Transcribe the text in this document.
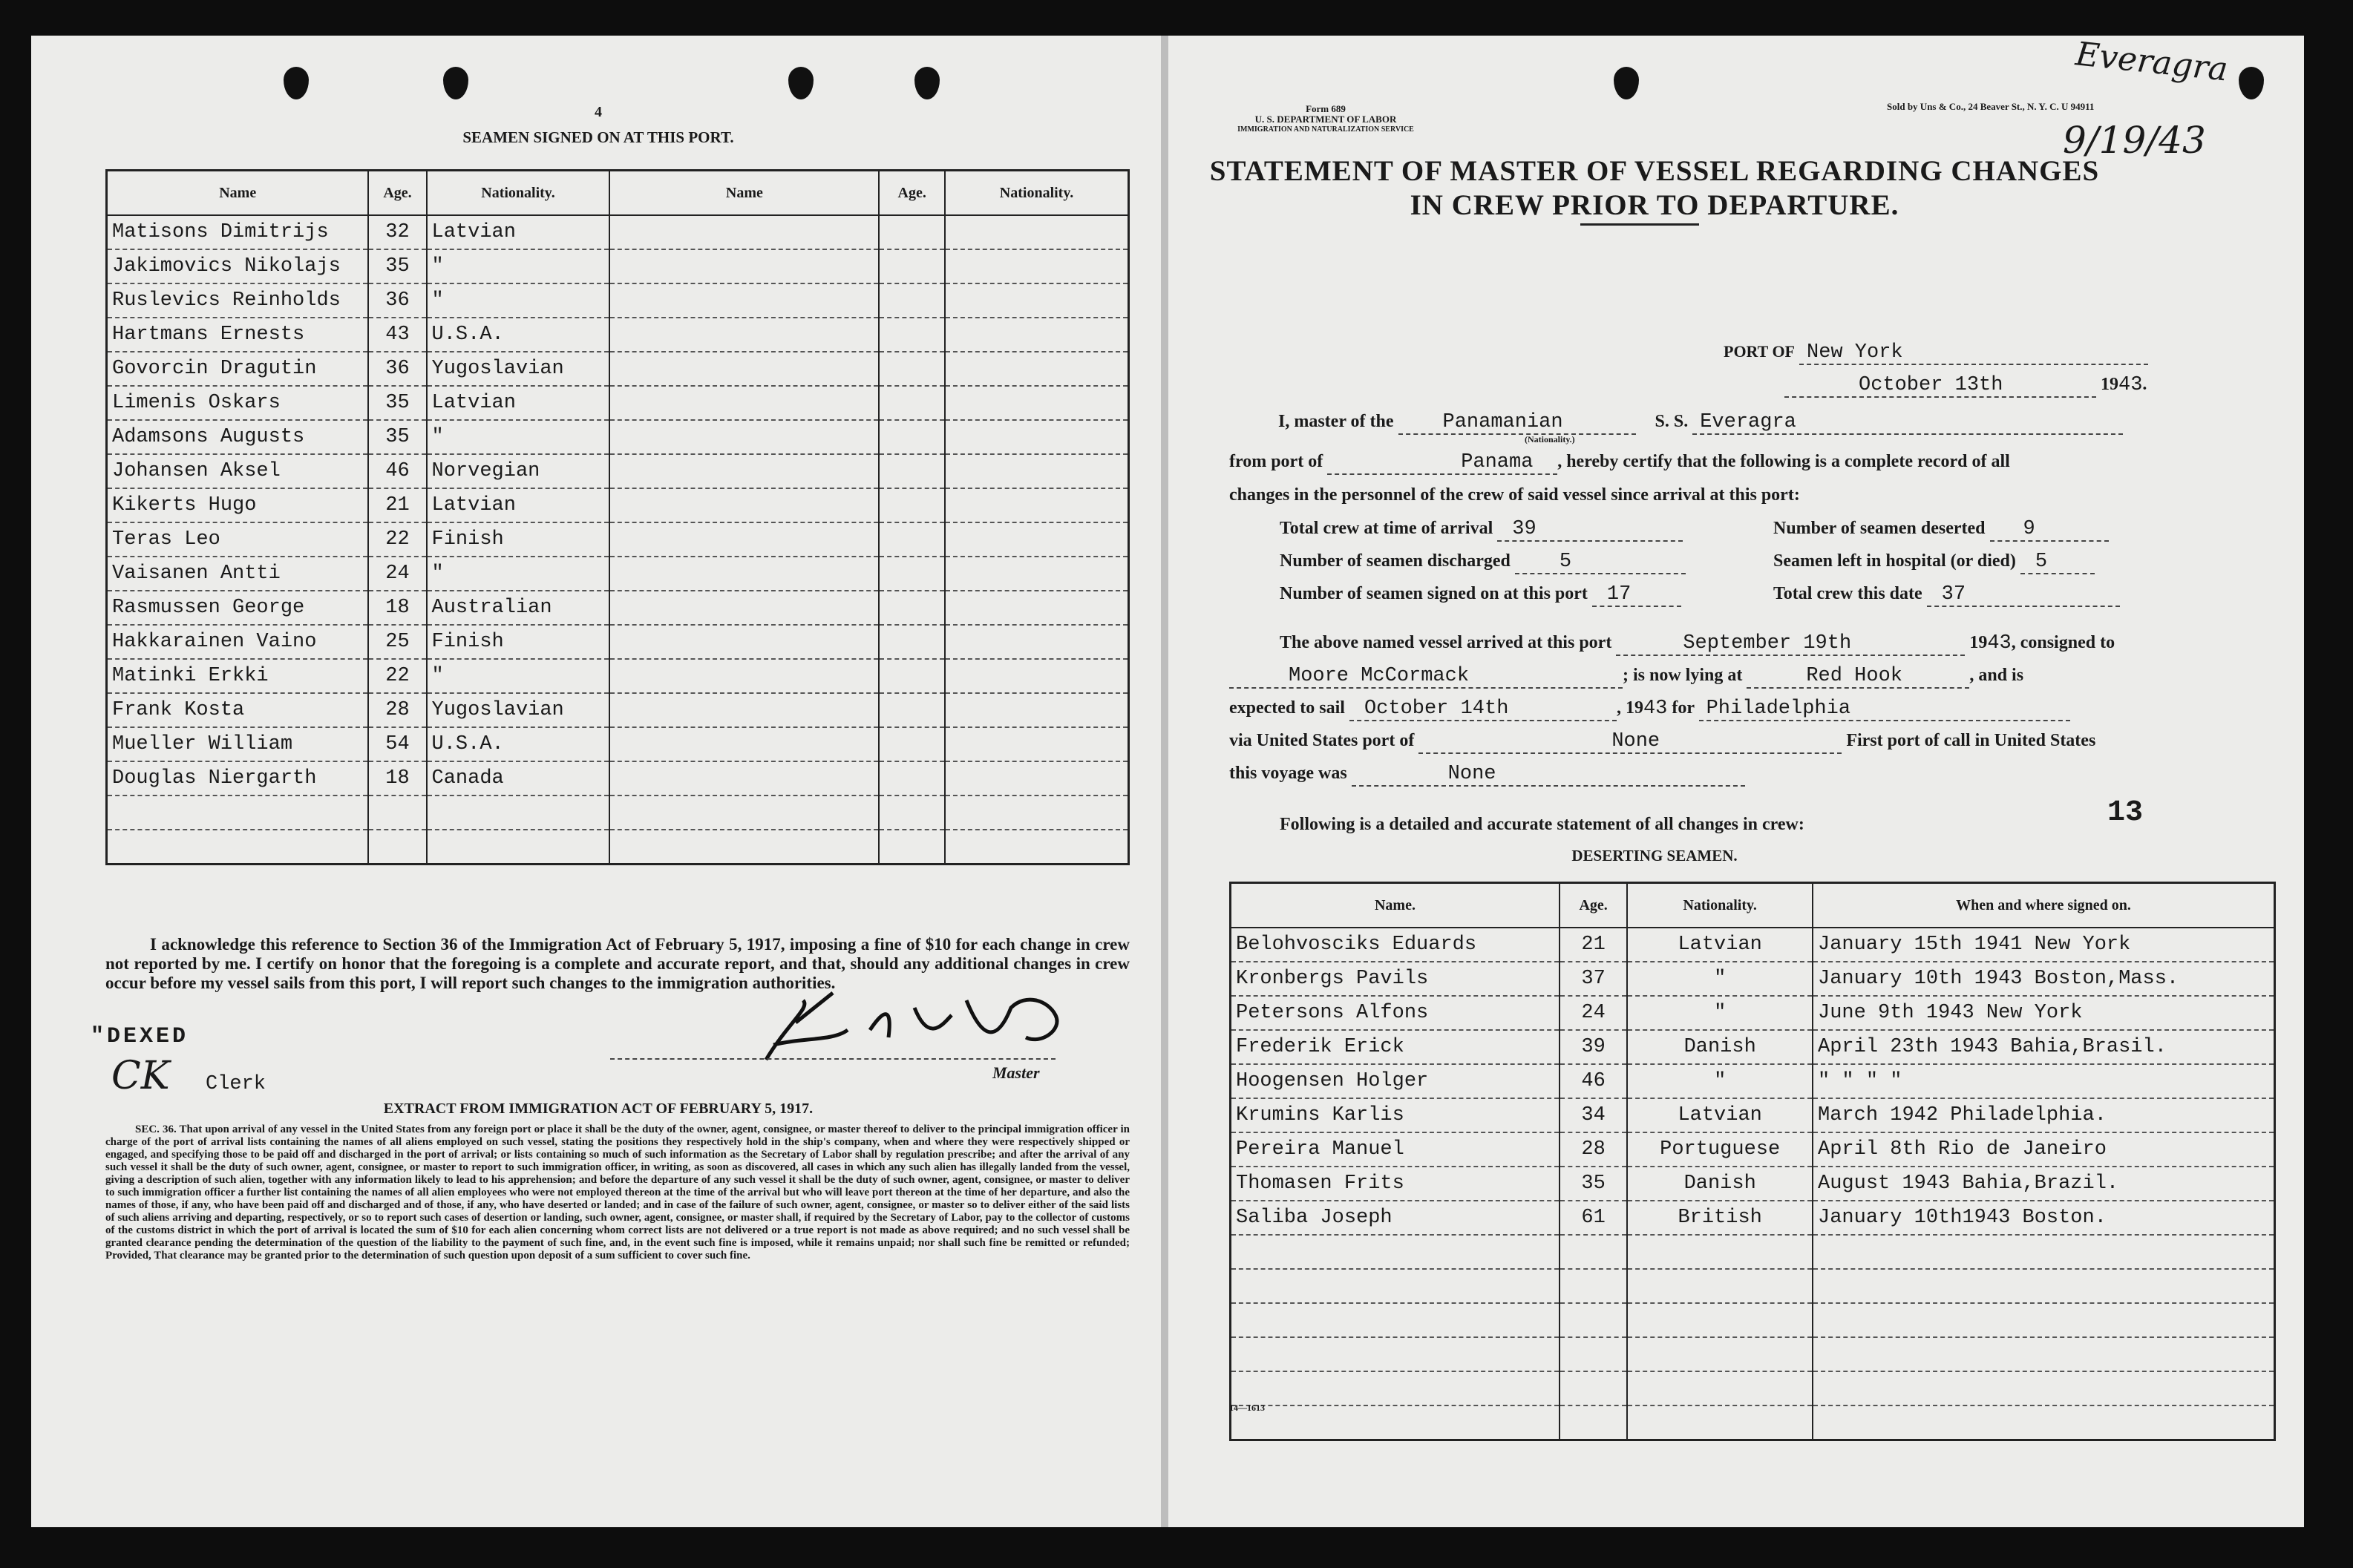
4
SEAMEN SIGNED ON AT THIS PORT.
Name	Age.	Nationality.	Name	Age.	Nationality.
Matisons Dimitrijs	32	Latvian			
Jakimovics Nikolajs	35	"			
Ruslevics Reinholds	36	"			
Hartmans Ernests	43	U.S.A.			
Govorcin Dragutin	36	Yugoslavian			
Limenis Oskars	35	Latvian			
Adamsons Augusts	35	"			
Johansen Aksel	46	Norvegian			
Kikerts Hugo	21	Latvian			
Teras Leo	22	Finish			
Vaisanen Antti	24	"			
Rasmussen George	18	Australian			
Hakkarainen Vaino	25	Finish			
Matinki Erkki	22	"			
Frank Kosta	28	Yugoslavian			
Mueller William	54	U.S.A.			
Douglas Niergarth	18	Canada			

I acknowledge this reference to Section 36 of the Immigration Act of February 5, 1917, imposing a fine of $10 for each change in crew not reported by me. I certify on honor that the foregoing is a complete and accurate report, and that, should any additional changes in crew occur before my vessel sails from this port, I will report such changes to the immigration authorities.
"DEXED
CK Clerk
Master
EXTRACT FROM IMMIGRATION ACT OF FEBRUARY 5, 1917.
SEC. 36. That upon arrival of any vessel in the United States from any foreign port or place it shall be the duty of the owner, agent, consignee, or master thereof to deliver to the principal immigration officer in charge of the port of arrival lists containing the names of all aliens employed on such vessel, stating the positions they respectively hold in the ship's company, when and where they were respectively shipped or engaged, and specifying those to be paid off and discharged in the port of arrival; or lists containing so much of such information as the Secretary of Labor shall by regulation prescribe; and after the arrival of any such vessel it shall be the duty of such owner, agent, consignee, or master to report to such immigration officer, in writing, as soon as discovered, all cases in which any such alien has illegally landed from the vessel, giving a description of such alien, together with any information likely to lead to his apprehension; and before the departure of any such vessel it shall be the duty of such owner, agent, consignee, or master to deliver to such immigration officer a further list containing the names of all alien employees who were not employed thereon at the time of the arrival but who will leave port thereon at the time of her departure, and also the names of those, if any, who have been paid off and discharged and of those, if any, who have deserted or landed; and in case of the failure of such owner, agent, consignee, or master so to deliver either of the said lists of such aliens arriving and departing, respectively, or so to report such cases of desertion or landing, such owner, agent, consignee, or master shall, if required by the Secretary of Labor, pay to the collector of customs of the customs district in which the port of arrival is located the sum of $10 for each alien concerning whom correct lists are not delivered or a true report is not made as above required; and no such vessel shall be granted clearance pending the determination of the question of the liability to the payment of such fine, and, in the event such fine is imposed, while it remains unpaid; nor shall such fine be remitted or refunded; Provided, That clearance may be granted prior to the determination of such question upon deposit of a sum sufficient to cover such fine.
Form 689
U. S. DEPARTMENT OF LABOR
IMMIGRATION AND NATURALIZATION SERVICE
Sold by Uns & Co., 24 Beaver St., N. Y. C. U 94911
Everagra
9/19/43
STATEMENT OF MASTER OF VESSEL REGARDING CHANGES
IN CREW PRIOR TO DEPARTURE.
PORT OF New York
October 13th	1943.
I, master of the Panamanian	S. S. Everagra
(Nationality.)
from port of	Panama , hereby certify that the following is a complete record of all
changes in the personnel of the crew of said vessel since arrival at this port:
Total crew at time of arrival 39	Number of seamen deserted 9
Number of seamen discharged 5	Seamen left in hospital (or died) 5
Number of seamen signed on at this port 17	Total crew this date 37
The above named vessel arrived at this port	September 19th	1943, consigned to
Moore McCormack	; is now lying at	Red Hook	, and is
expected to sail October 14th	, 1943 for Philadelphia
via United States port of	None	First port of call in United States
this voyage was	None
Following is a detailed and accurate statement of all changes in crew:	13
DESERTING SEAMEN.
Name.	Age.	Nationality.	When and where signed on.
Belohvosciks Eduards	21	Latvian	January 15th 1941 New York
Kronbergs Pavils	37	"	January 10th 1943 Boston,Mass.
Petersons Alfons	24	"	June 9th 1943 New York
Frederik Erick	39	Danish	April 23th 1943 Bahia,Brasil.
Hoogensen Holger	46	"	" " " "
Krumins Karlis	34	Latvian	March 1942 Philadelphia.
Pereira Manuel	28	Portuguese	April 8th Rio de Janeiro
Thomasen Frits	35	Danish	August 1943 Bahia,Brazil.
Saliba Joseph	61	British	January 10th1943 Boston.

14—1613
